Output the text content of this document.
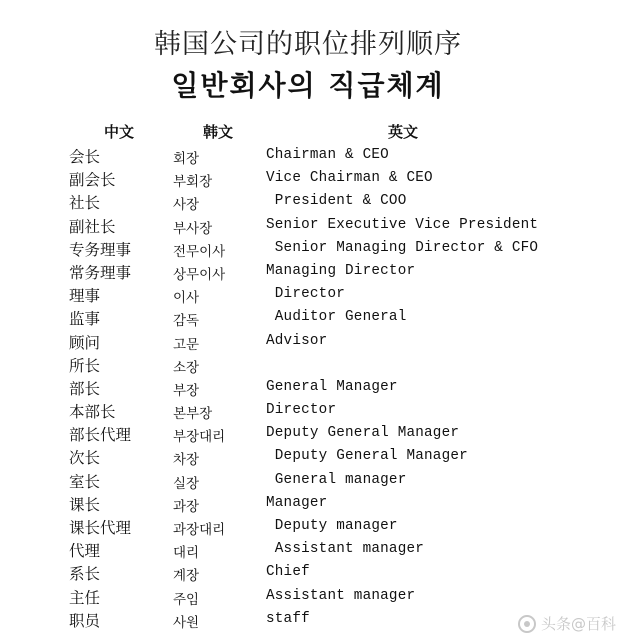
韩国公司的职位排列顺序
일반회사의 직급체계
中文	韩文	英文
会长	회장	Chairman & CEO
副会长	부회장	Vice Chairman & CEO
社长	사장	President & COO
副社长	부사장	Senior Executive Vice President
专务理事	전무이사	Senior Managing Director & CFO
常务理事	상무이사	Managing Director
理事	이사	Director
监事	감독	Auditor General
顾问	고문	Advisor
所长	소장
部长	부장	General Manager
本部长	본부장	Director
部长代理	부장대리	Deputy General Manager
次长	차장	Deputy General Manager
室长	실장	General manager
课长	과장	Manager
课长代理	과장대리	Deputy manager
代理	대리	Assistant manager
系长	계장	Chief
主任	주임	Assistant manager
职员	사원	staff	头条@百科
